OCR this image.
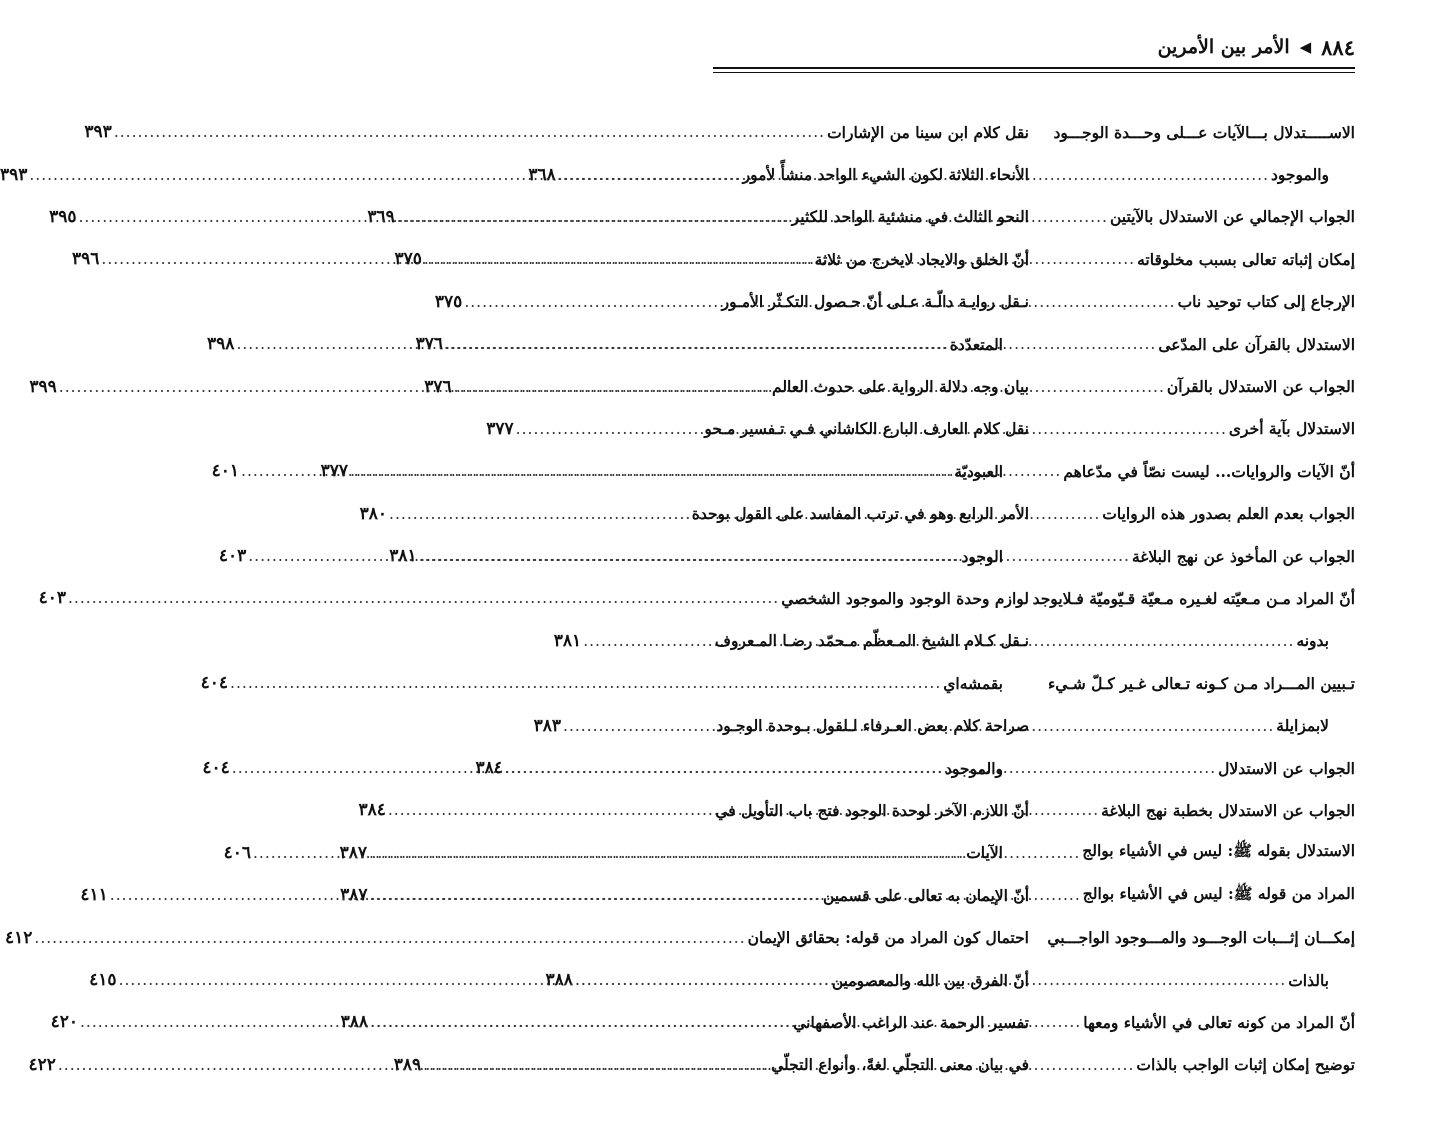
٨٨٤
◀
الأمر بين الأمرين
الاســـــتدلال بـــالآيات عـــلى وحـــدة الوجـــود
والموجود
.....
٣٦٨
الجواب الإجمالي عن الاستدلال بالآيتين
.....
٣٦٩
إمكان إثباته تعالى بسبب مخلوقاته
.....
٣٧٥
الإرجاع إلى كتاب توحيد ناب
.....
٣٧٥
الاستدلال بالقرآن على المدّعى
.....
٣٧٦
الجواب عن الاستدلال بالقرآن
.....
٣٧٦
الاستدلال بآية أخرى
.....
٣٧٧
أنّ الآيات والروايات... ليست نصّاً في مدّعاهم
.....
٣٧٧
الجواب بعدم العلم بصدور هذه الروايات
.....
٣٨٠
الجواب عن المأخوذ عن نهج البلاغة
.....
٣٨١
أنّ المراد مـن مـعيّته لغـيره مـعيّة قـيّوميّة فـلايوجد
بدونه
.....
٣٨١
تـبيين المـــراد مـن كـونه تـعالى غـير كـلّ شـيء
لابمزايلة
.....
٣٨٣
الجواب عن الاستدلال
.....
٣٨٤
الجواب عن الاستدلال بخطبة نهج البلاغة
.....
٣٨٤
الاستدلال بقوله ﷺ: ليس في الأشياء بوالج
.....
٣٨٧
المراد من قوله ﷺ: ليس في الأشياء بوالج
.....
٣٨٧
إمكـــان إثـــبات الوجـــود والمـــوجود الواجـــبي
بالذات
.....
٣٨٨
أنّ المراد من كونه تعالى في الأشياء ومعها
.....
٣٨٨
توضيح إمكان إثبات الواجب بالذات
.....
٣٨٩
نقل كلام ابن سينا من الإشارات
.....
٣٩٣
الأنحاء الثلاثة لكون الشيء الواحد منشأً لأمور
.....
٣٩٣
النحو الثالث في منشئية الواحد للكثير
.....
٣٩٥
أنّ الخلق والايجاد لايخرج من ثلاثة
.....
٣٩٦
نـقل روايـة دالّـة عـلى أنّ حـصول التكـثّر الأمـور
المتعدّدة
.....
٣٩٨
بيان وجه دلالة الرواية على حدوث العالم
.....
٣٩٩
نقل كلام العارف البارع الكاشاني فـي تـفسير مـحو
العبوديّة
.....
٤٠١
الأمر الرابع وهو في ترتب المفاسد على القول بوحدة
الوجود
.....
٤٠٣
لوازم وحدة الوجود والموجود الشخصي
.....
٤٠٣
نـقل كـلام الشيخ المـعظّم مـحمّد رضـا المـعروف
بقمشه‌اي
.....
٤٠٤
صراحة كلام بعض العـرفاء لـلقول بـوحدة الوجـود
والموجود
.....
٤٠٤
أنّ اللازم الآخر لوحدة الوجود فتح باب التأويل في
الآيات
.....
٤٠٦
أنّ الإيمان به تعالى على قسمين
.....
٤١١
احتمال كون المراد من قوله: بحقائق الإيمان
.....
٤١٢
أنّ الفرق بين الله والمعصومين
.....
٤١٥
تفسير الرحمة عند الراغب الأصفهاني
.....
٤٢٠
في بيان معنى التجلّي لغةً، وأنواع التجلّي
.....
٤٢٢
